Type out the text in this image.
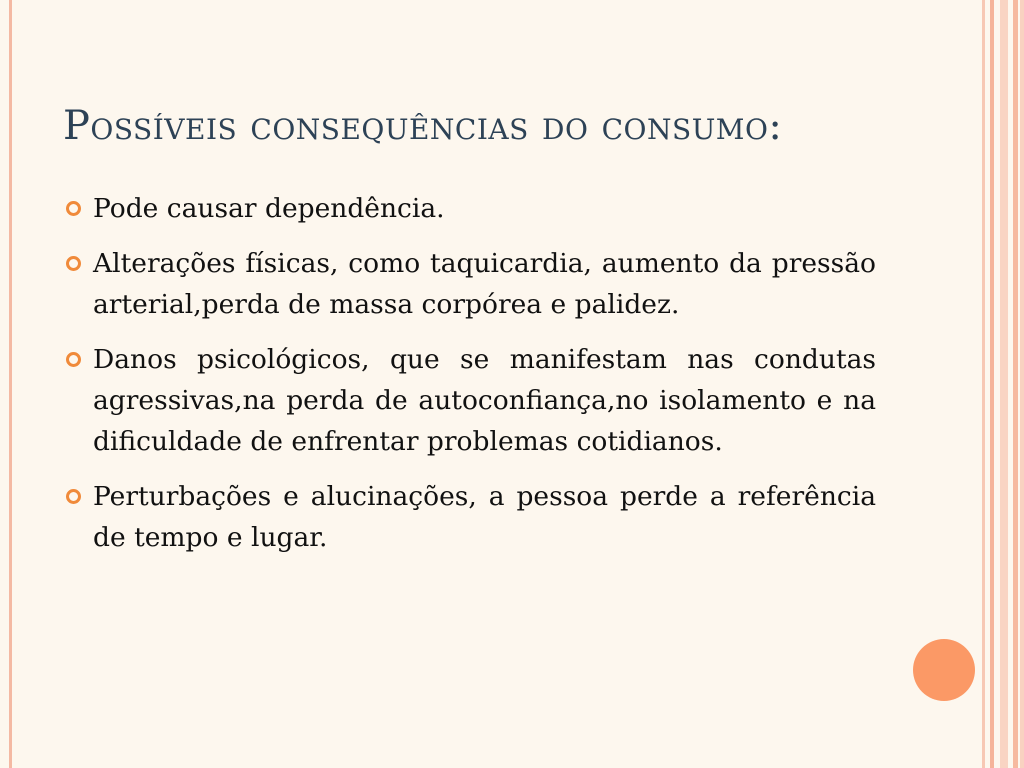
Possíveis consequências do consumo:
Pode causar dependência.
Alterações físicas, como taquicardia, aumento da pressão arterial,perda de massa corpórea e palidez.
Danos psicológicos, que se manifestam nas condutas agressivas,na perda de autoconfiança,no isolamento e na dificuldade de enfrentar problemas cotidianos.
Perturbações e alucinações, a pessoa perde a referência de tempo e lugar.
